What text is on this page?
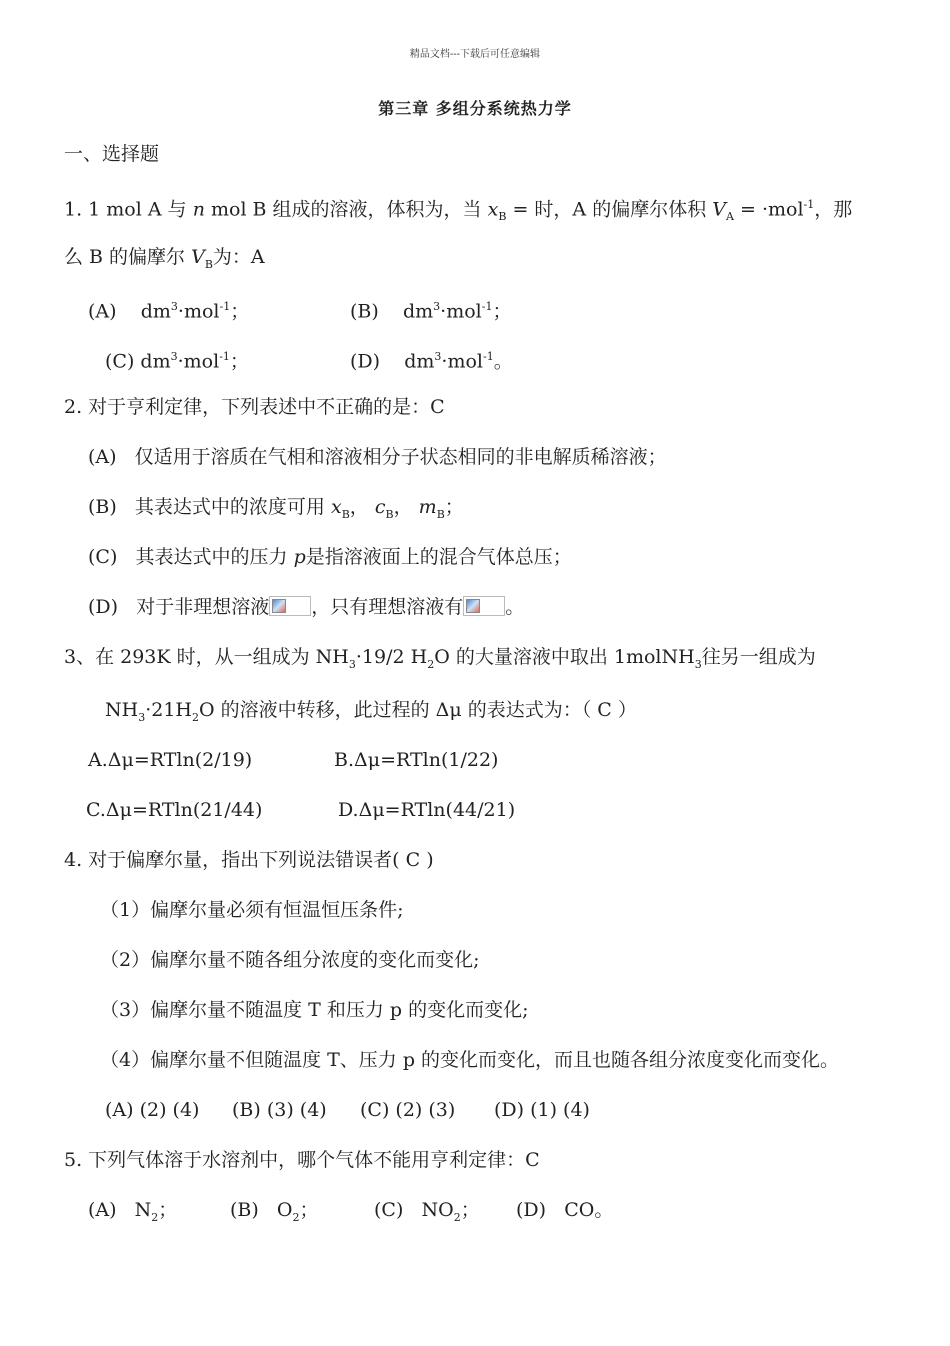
精品文档---下载后可任意编辑
第三章 多组分系统热力学
一、选择题
1. 1 mol A 与 n mol B 组成的溶液，体积为，当 $x_B$ = 时，A 的偏摩尔体积 $V_A = \cdot mol^{-1}$，那
么 B 的偏摩尔 $V_B$为：A
(A) $dm^3\cdot mol^{-1}$；	(B) $dm^3\cdot mol^{-1}$；
(C) $dm^3\cdot mol^{-1}$；	(D) $dm^3\cdot mol^{-1}$。
2. 对于亨利定律，下列表述中不正确的是：C
(A) 仅适用于溶质在气相和溶液相分子状态相同的非电解质稀溶液；
(B) 其表达式中的浓度可用 $x_B$， $c_B$， $m_B$；
(C) 其表达式中的压力 p是指溶液面上的混合气体总压；
(D) 对于非理想溶液 ，只有理想溶液有 。
3、在 293K 时，从一组成为 $NH_3\cdot 19/2$ $H_2O$ 的大量溶液中取出 1molNH$_3$往另一组成为
$NH_3\cdot 21H_2O$ 的溶液中转移，此过程的 Δμ 的表达式为：（ C ）
A.Δμ=RTln(2/19)	B.Δμ=RTln(1/22)
C.Δμ=RTln(21/44)	D.Δμ=RTln(44/21)
4. 对于偏摩尔量，指出下列说法错误者( C )
（1）偏摩尔量必须有恒温恒压条件;
（2）偏摩尔量不随各组分浓度的变化而变化;
（3）偏摩尔量不随温度 T 和压力 p 的变化而变化;
（4）偏摩尔量不但随温度 T、压力 p 的变化而变化，而且也随各组分浓度变化而变化。
(A) (2) (4) (B) (3) (4) (C) (2) (3) (D) (1) (4)
5. 下列气体溶于水溶剂中，哪个气体不能用亨利定律：C
(A) $N_2$；	(B) $O_2$；	(C) $NO_2$； (D) CO。
